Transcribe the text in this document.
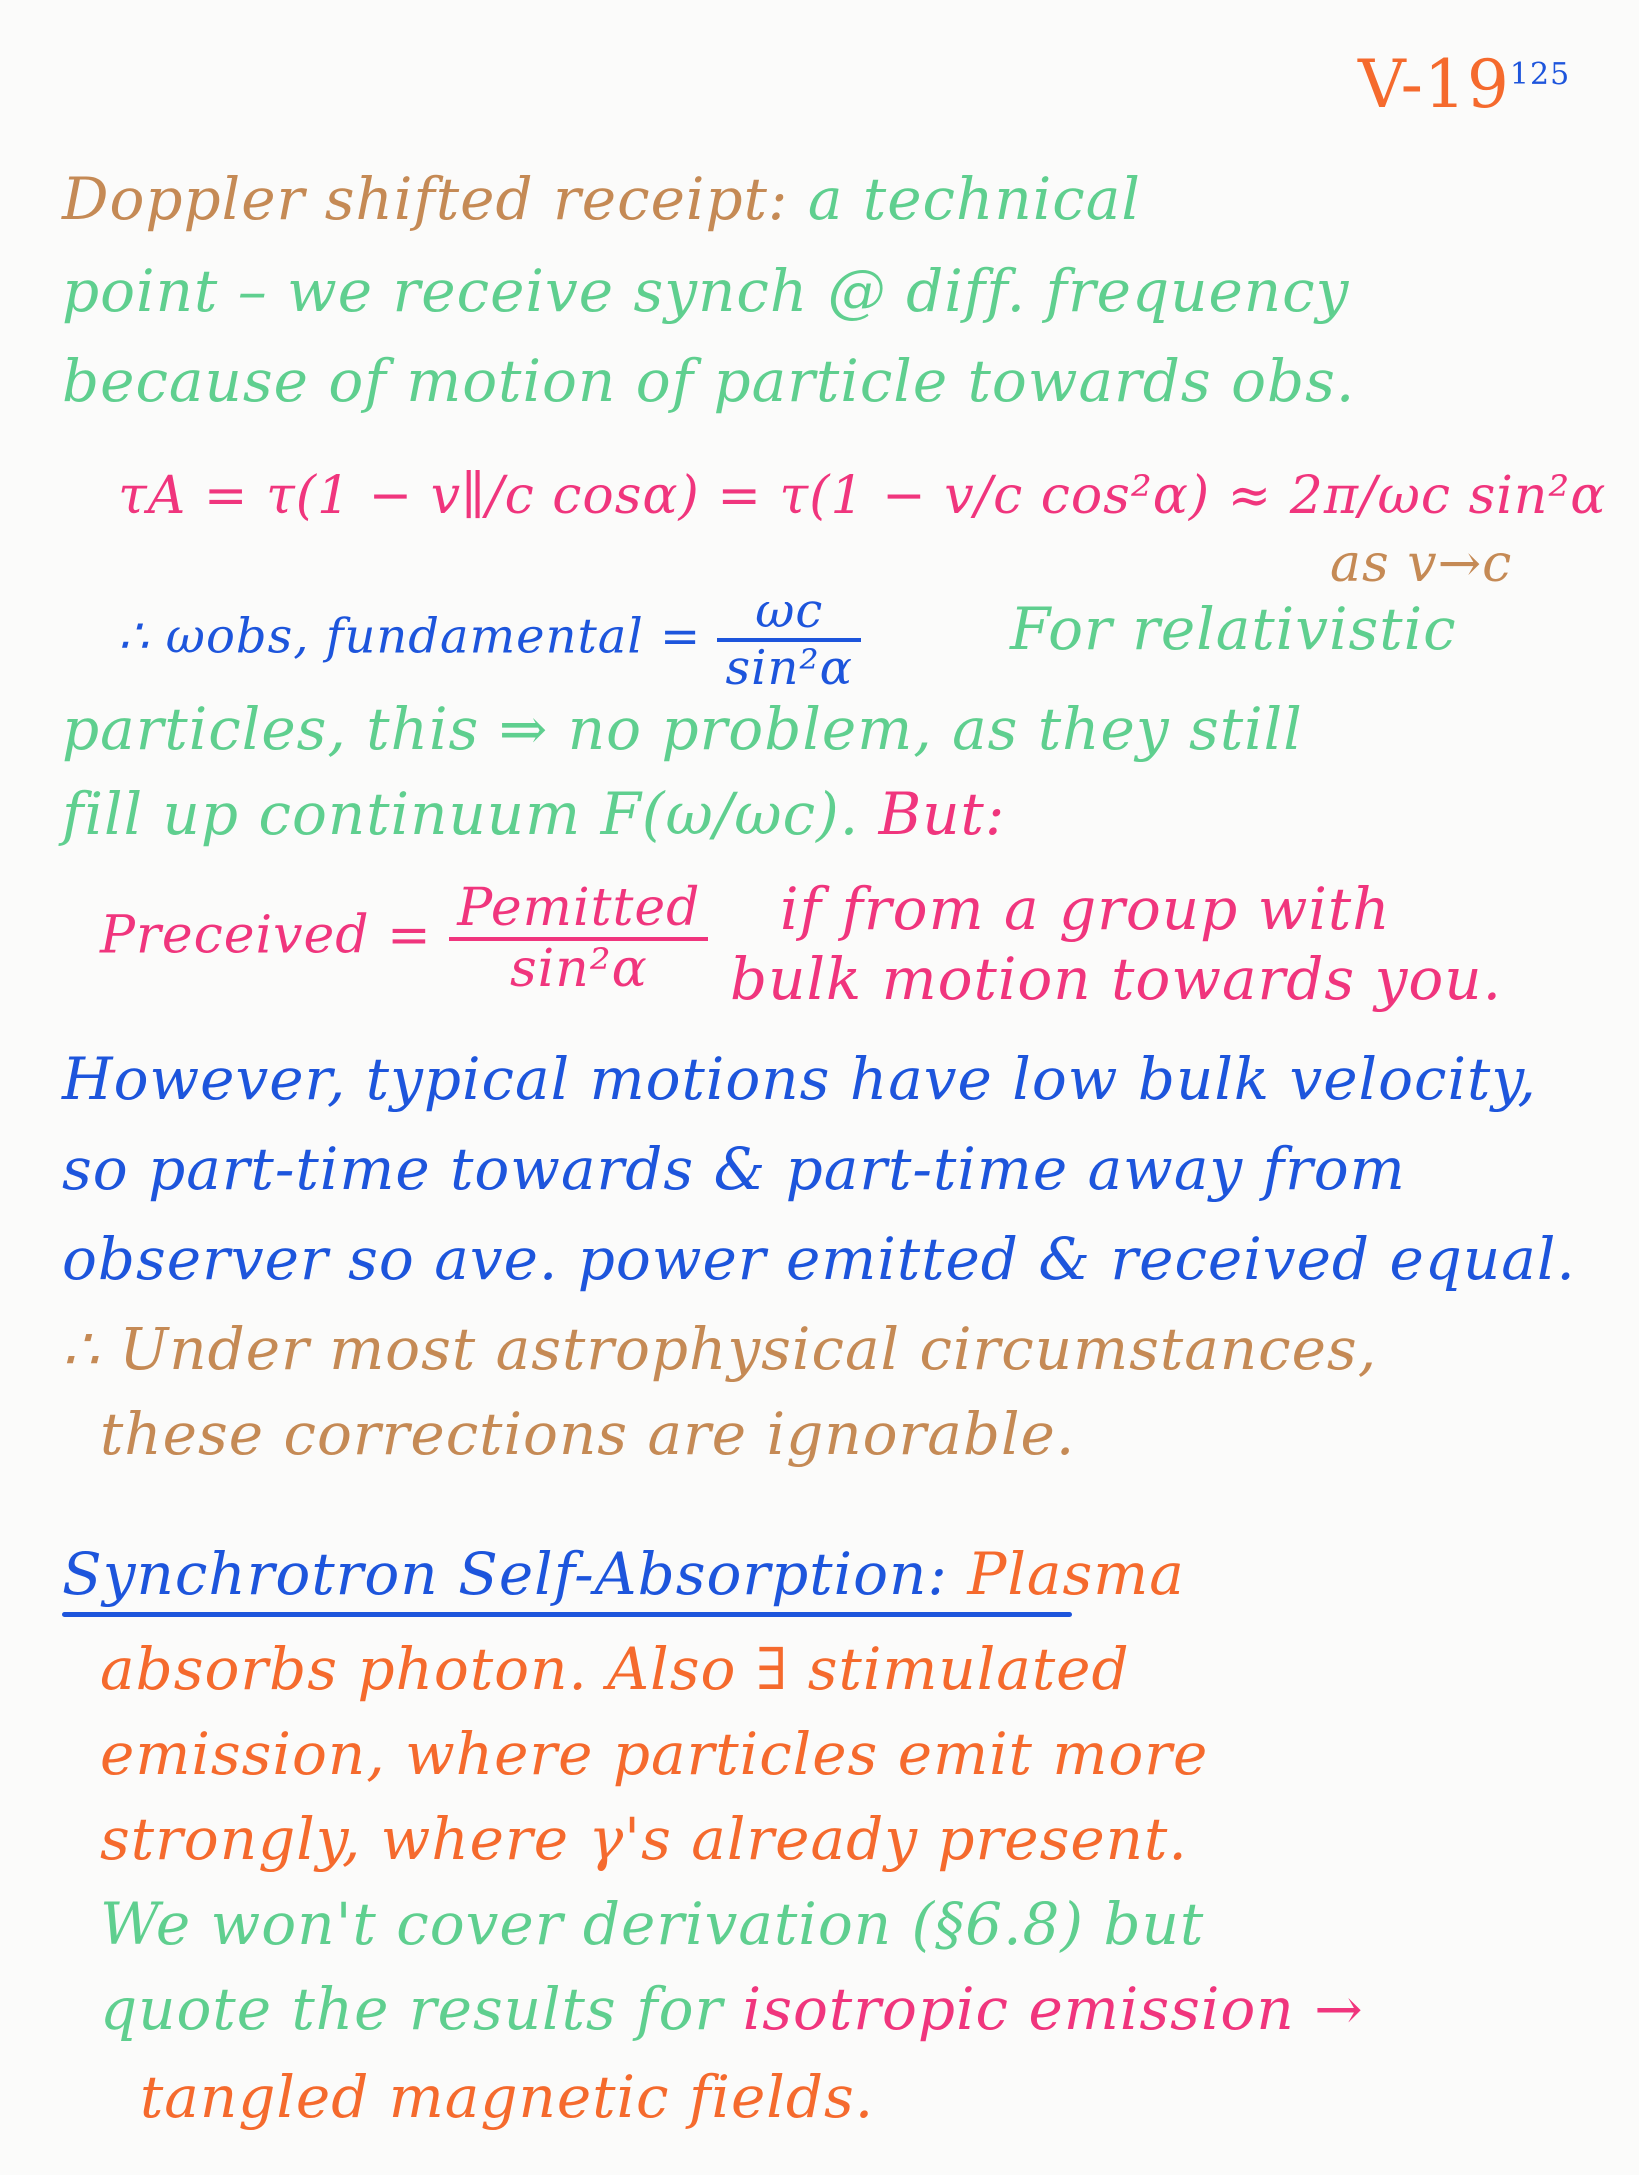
$V-19^{125}$
Doppler shifted receipt: a technical
point – we receive synch @ diff. frequency
because of motion of particle towards obs.
τA = τ(1 − v∥/c cosα) = τ(1 − v/c cos²α) ≈ 2π/ωc sin²α
as v→c
∴ ωobs, fundamental = $\frac{\omega c}{\text{sin²α}}$	For relativistic
particles, this ⇒ no problem, as they still
fill up continuum F(ω/ωc). But:
Preceived = $\frac{\text{Pemitted}}{\text{sin²α}}$ if from a group with
bulk motion towards you.
However, typical motions have low bulk velocity,
so part-time towards & part-time away from
observer so ave. power emitted & received equal.
∴ Under most astrophysical circumstances,
these corrections are ignorable.
Synchrotron Self-Absorption: Plasma
absorbs photon. Also ∃ stimulated
emission, where particles emit more
strongly, where γ's already present.
We won't cover derivation (§6.8) but
quote the results for isotropic emission →
tangled magnetic fields.
